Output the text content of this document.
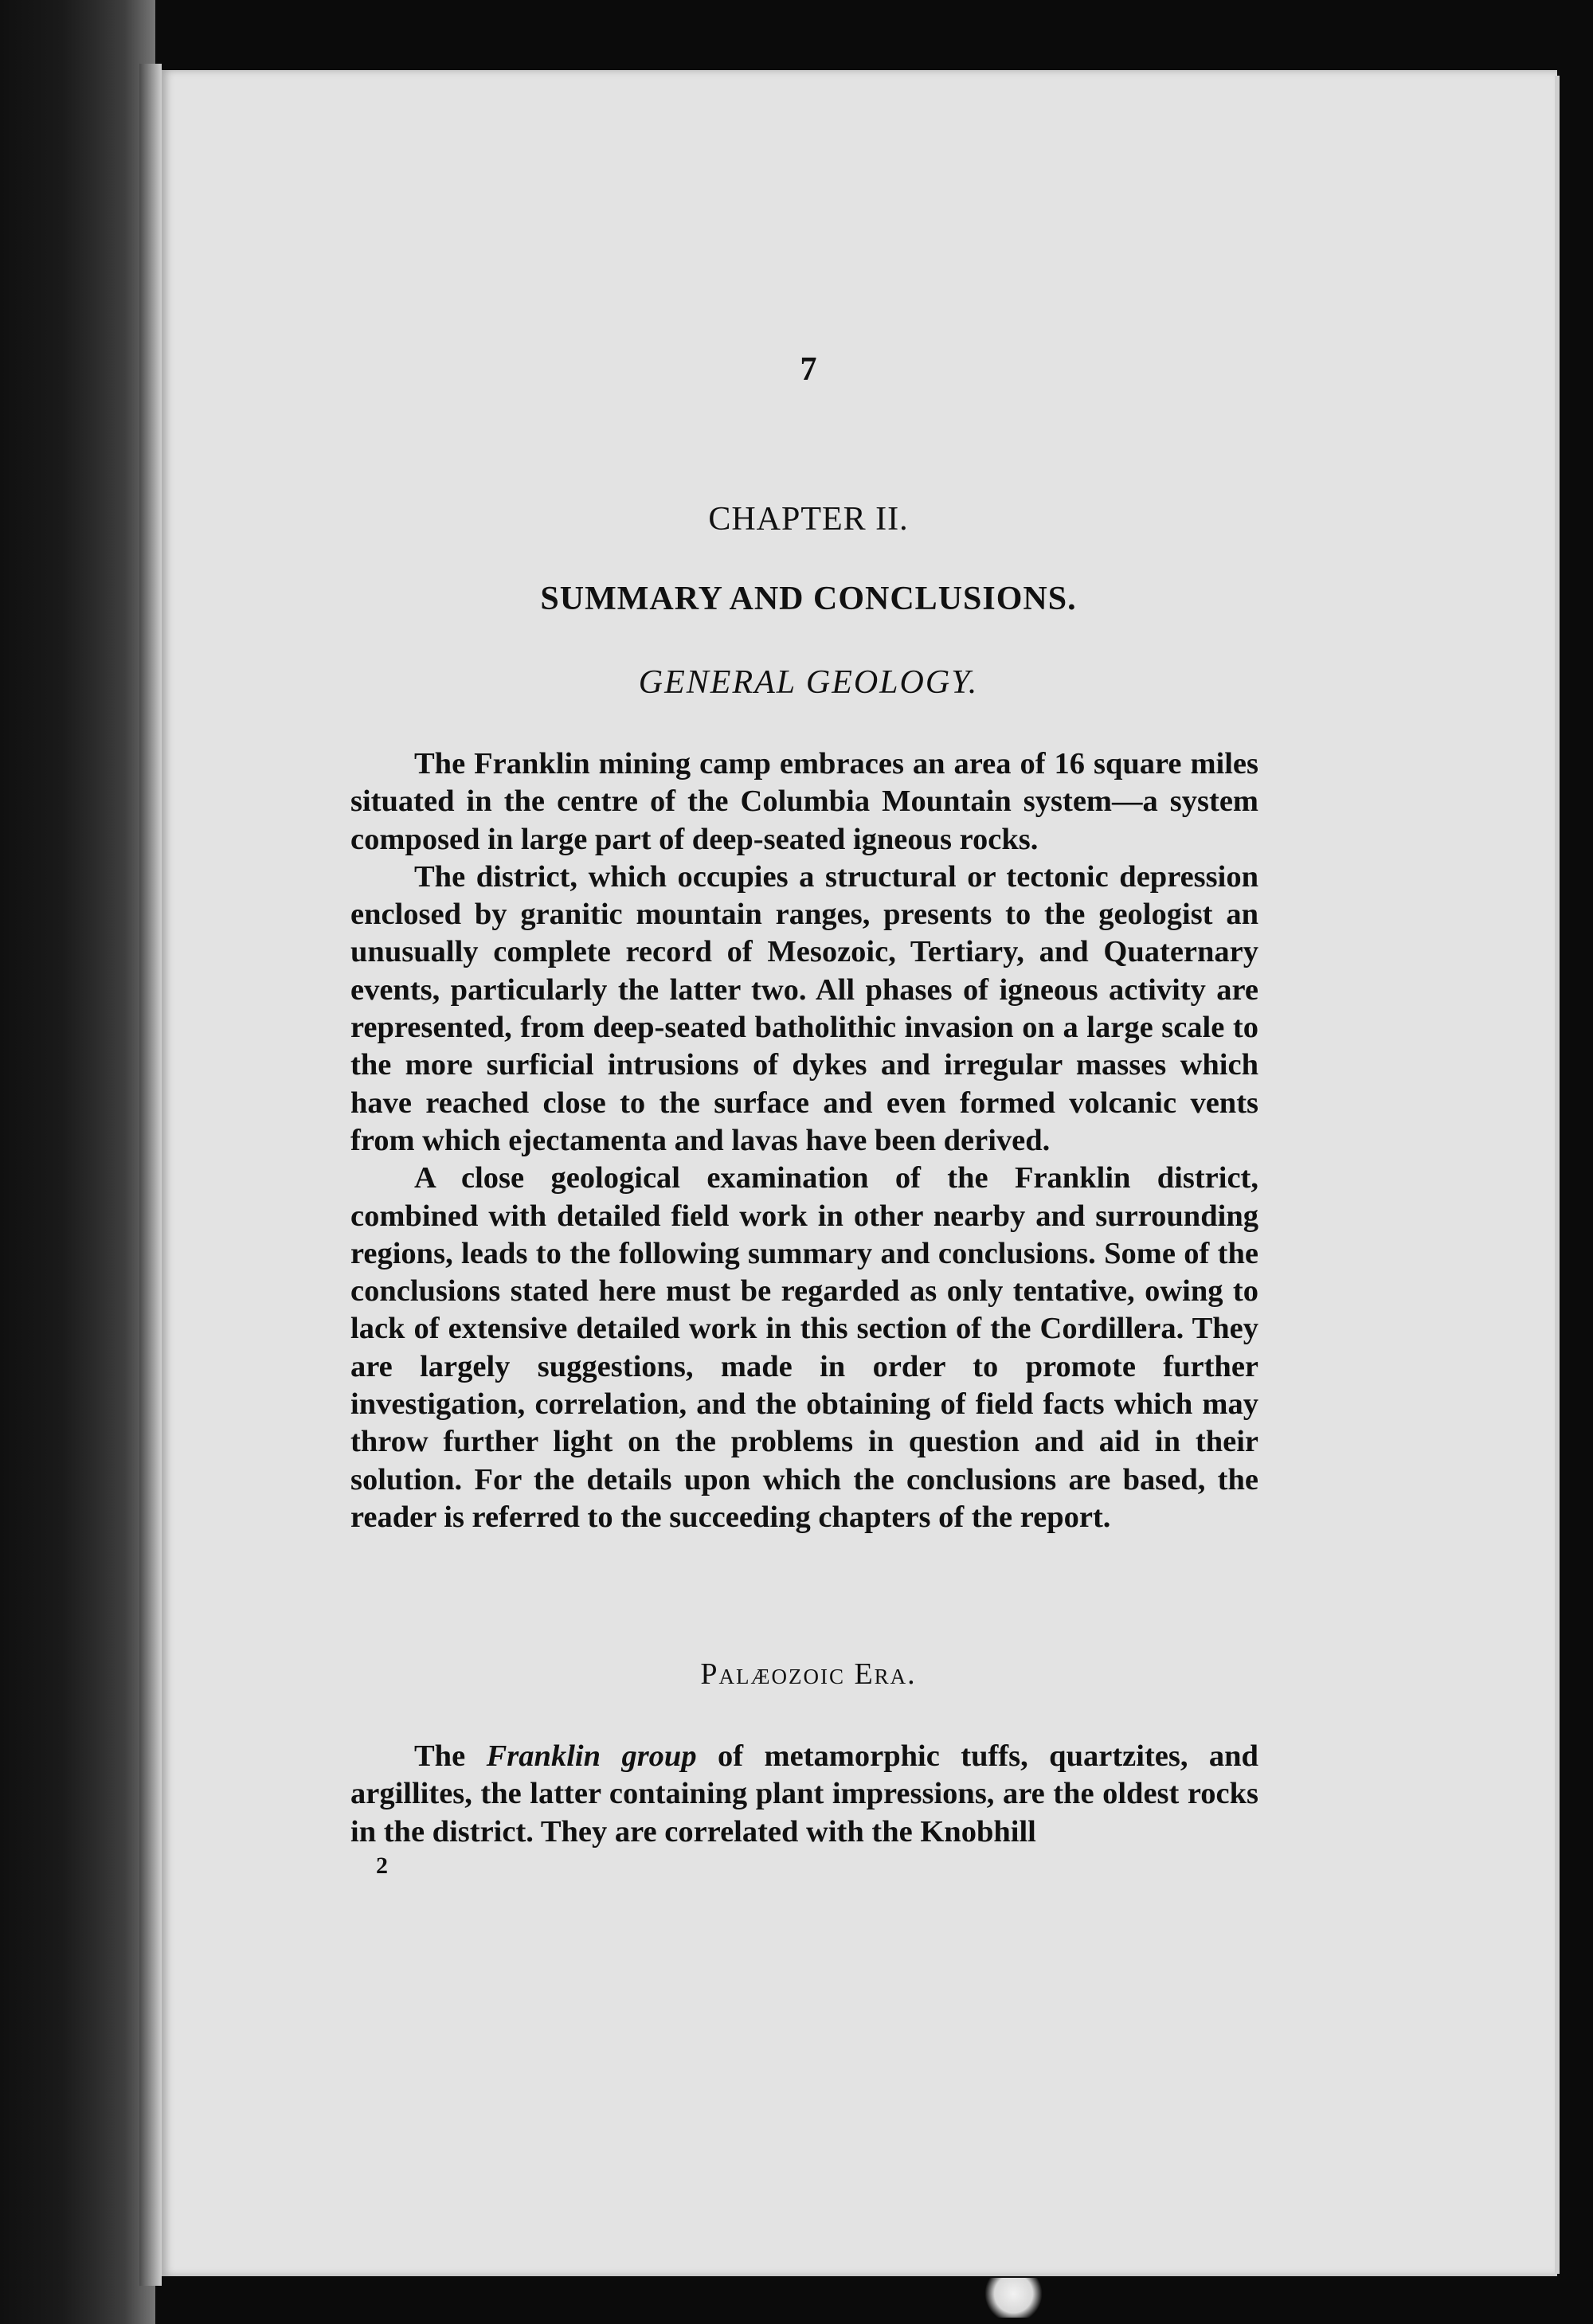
7
CHAPTER II.
SUMMARY AND CONCLUSIONS.
GENERAL GEOLOGY.

The Franklin mining camp embraces an area of 16 square miles situated in the centre of the Columbia Mountain system—a system composed in large part of deep-seated igneous rocks.

The district, which occupies a structural or tectonic depression enclosed by granitic mountain ranges, presents to the geologist an unusually complete record of Mesozoic, Tertiary, and Quaternary events, particularly the latter two. All phases of igneous activity are represented, from deep-seated batholithic invasion on a large scale to the more surficial intrusions of dykes and irregular masses which have reached close to the surface and even formed volcanic vents from which ejectamenta and lavas have been derived.

A close geological examination of the Franklin district, combined with detailed field work in other nearby and surrounding regions, leads to the following summary and conclusions. Some of the conclusions stated here must be regarded as only tentative, owing to lack of extensive detailed work in this section of the Cordillera. They are largely suggestions, made in order to promote further investigation, correlation, and the obtaining of field facts which may throw further light on the problems in question and aid in their solution. For the details upon which the conclusions are based, the reader is referred to the succeeding chapters of the report.

Palæozoic Era.

The Franklin group of metamorphic tuffs, quartzites, and argillites, the latter containing plant impressions, are the oldest rocks in the district. They are correlated with the Knobhill

2
